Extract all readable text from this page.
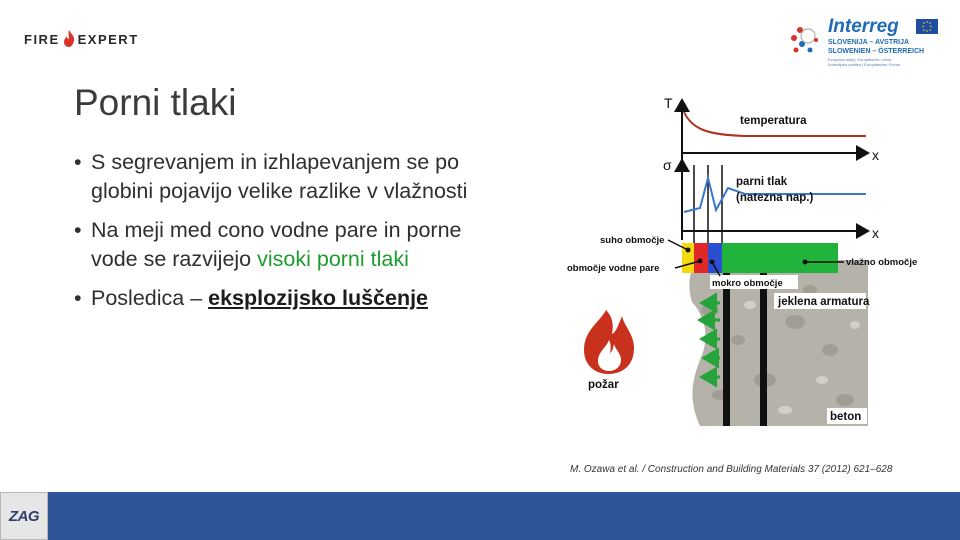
FIRE EXPERT
Interreg
SLOVENIJA – AVSTRIJA
SLOWENIEN – ÖSTERREICH
Evropska unija | Europäische Union
Kohezijska politika | Europäischer Fonds
Porni tlaki
• S segrevanjem in izhlapevanjem se po globini pojavijo velike razlike v vlažnosti
• Na meji med cono vodne pare in porne vode se razvijejo visoki porni tlaki
• Posledica – eksplozijsko luščenje
T
temperatura
x
σ
parni tlak
(natezna nap.)
x
suho območje
območje vodne pare
vlažno območje
mokro območje
jeklena armatura
beton
požar
M. Ozawa et al. / Construction and Building Materials 37 (2012) 621–628
ZAG
